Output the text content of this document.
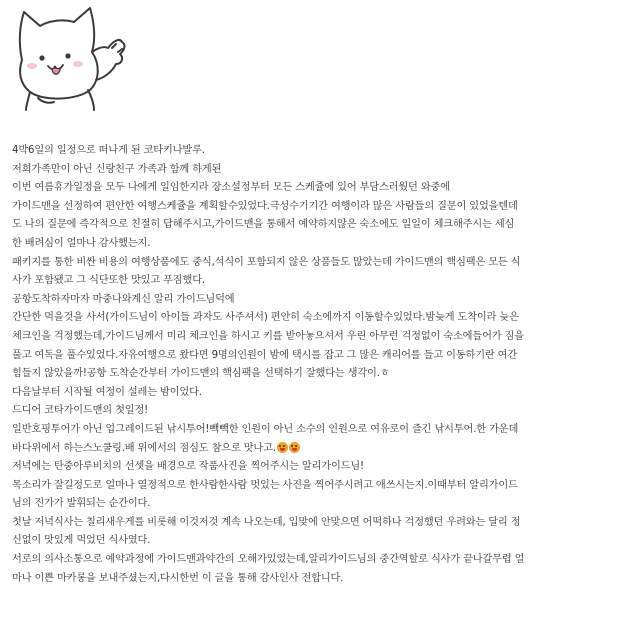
4박6일의 일정으로 떠나게 된 코타키나발루.
저희가족만이 아닌 신랑친구 가족과 함께 하게된
이번 여름휴가일정을 모두 나에게 일임한지라 장소설정부터 모든 스케쥴에 있어 부담스러웠던 와중에
가이드맨을 선정하여 편안한 여행스케쥴을 계획할수있었다.극성수기기간 여행이라 많은 사람들의 질문이 있었을텐데
도 나의 질문에 즉각적으로 친절히 답해주시고,가이드맨을 통해서 예약하지않은 숙소에도 일일이 체크해주시는 세심
한 배려심이 얼마나 감사했는지.
패키지를 통한 비싼 비용의 여행상품에도 중식,석식이 포함되지 않은 상품들도 많았는데 가이드맨의 핵심팩은 모든 식
사가 포함됐고 그 식단또한 맛있고 푸짐했다.
공항도착하자마자 마중나와계신 알리 가이드님덕에
간단한 먹을것을 사서(가이드님이 아이들 과자도 사주셔서) 편안히 숙소에까지 이동할수있었다.밤늦게 도착이라 늦은
체크인을 걱정했는데,가이드님께서 미리 체크인을 하시고 키를 받아놓으셔서 우린 아무런 걱정없이 숙소에들어가 짐을
풀고 여독을 풀수있었다.자유여행으로 왔다면 9명의인원이 밤에 택시를 잡고 그 많은 캐리어를 들고 이동하기란 여간
힘들지 않았을까!공항 도착순간부터 가이드맨의 핵심팩을 선택하기 잘했다는 생각이.ㅎ
다음날부터 시작될 여정이 설레는 밤이었다.
드디어 코타가이드맨의 첫일정!
일반호핑투어가 아닌 업그레이드된 낚시투어!빽빽한 인원이 아닌 소수의 인원으로 여유로이 즐긴 낚시투어.한 가운데
바다위에서 하는스노쿨링.배 위에서의 점심도 참으로 맛나고.
저녁에는 탄중아루비치의 선셋을 배경으로 작품사진을 찍어주시는 알리가이드님!
목소리가 잘길정도로 얼마나 열정적으로 한사람한사람 멋있는 사진을 찍어주시려고 애쓰시는지.이때부터 알리가이드
님의 진가가 발휘되는 순간이다.
첫날 저녁식사는 칠리새우게를 비롯해 이것저것 계속 나오는데, 입맞에 안맞으면 어떡하나 걱정했던 우려와는 달리 정
신없이 맛있게 먹었던 식사였다.
서로의 의사소통으로 예약과정에 가이드맨과약간의 오해가있었는데,알리가이드님의 중간역할로 식사가 끝나갈무렵 얼
마나 이쁜 마카롱을 보내주셨는지,다시한번 이 글을 통해 감사인사 전합니다.
